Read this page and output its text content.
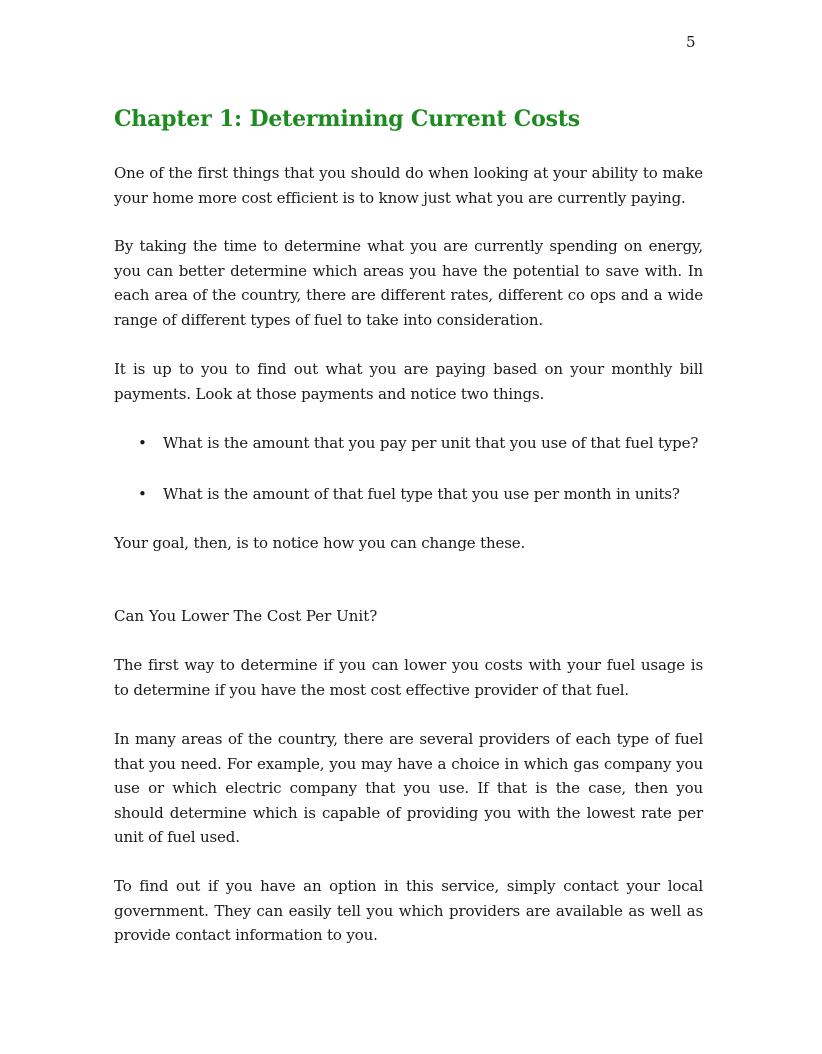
5
Chapter 1: Determining Current Costs

One of the first things that you should do when looking at your ability to make your home more cost efficient is to know just what you are currently paying.

By taking the time to determine what you are currently spending on energy, you can better determine which areas you have the potential to save with. In each area of the country, there are different rates, different co ops and a wide range of different types of fuel to take into consideration.

It is up to you to find out what you are paying based on your monthly bill payments. Look at those payments and notice two things.

• What is the amount that you pay per unit that you use of that fuel type?
• What is the amount of that fuel type that you use per month in units?

Your goal, then, is to notice how you can change these.

Can You Lower The Cost Per Unit?

The first way to determine if you can lower you costs with your fuel usage is to determine if you have the most cost effective provider of that fuel.

In many areas of the country, there are several providers of each type of fuel that you need. For example, you may have a choice in which gas company you use or which electric company that you use. If that is the case, then you should determine which is capable of providing you with the lowest rate per unit of fuel used.

To find out if you have an option in this service, simply contact your local government. They can easily tell you which providers are available as well as provide contact information to you.
